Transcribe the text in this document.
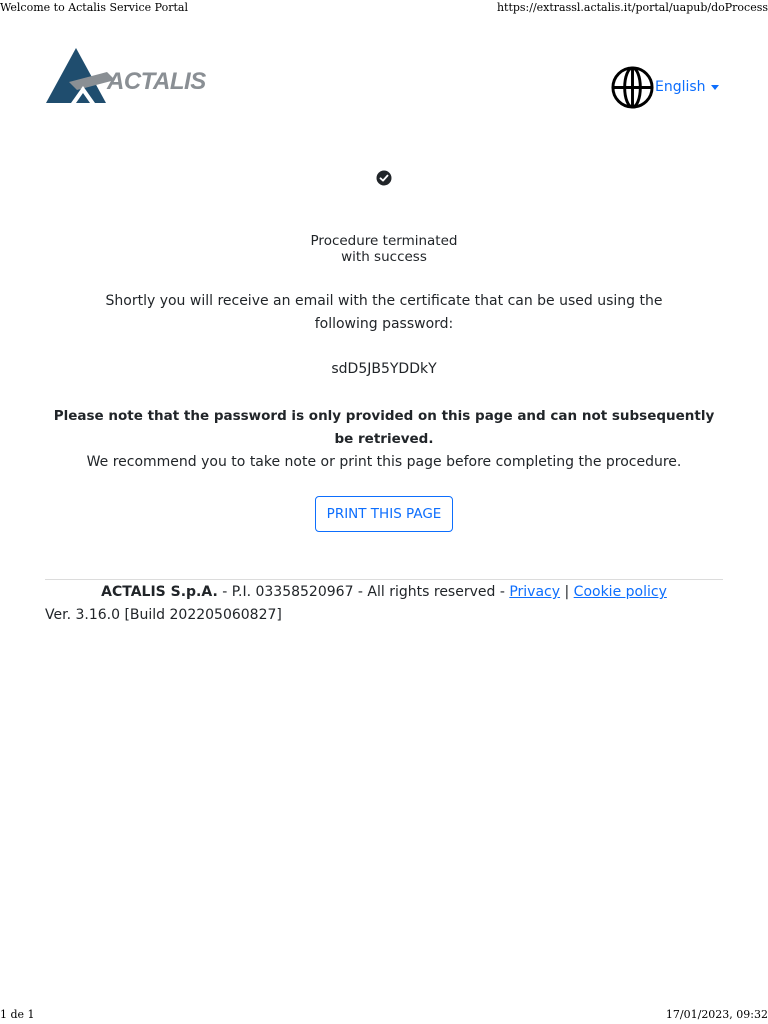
Welcome to Actalis Service Portal	https://extrassl.actalis.it/portal/uapub/doProcess
ACTALIS	English
Procedure terminated
with success
Shortly you will receive an email with the certificate that can be used using the following password:
sdD5JB5YDDkY
Please note that the password is only provided on this page and can not subsequently be retrieved.
We recommend you to take note or print this page before completing the procedure.
PRINT THIS PAGE
ACTALIS S.p.A. - P.I. 03358520967 - All rights reserved - Privacy | Cookie policy
Ver. 3.16.0 [Build 202205060827]
1 de 1	17/01/2023, 09:32
